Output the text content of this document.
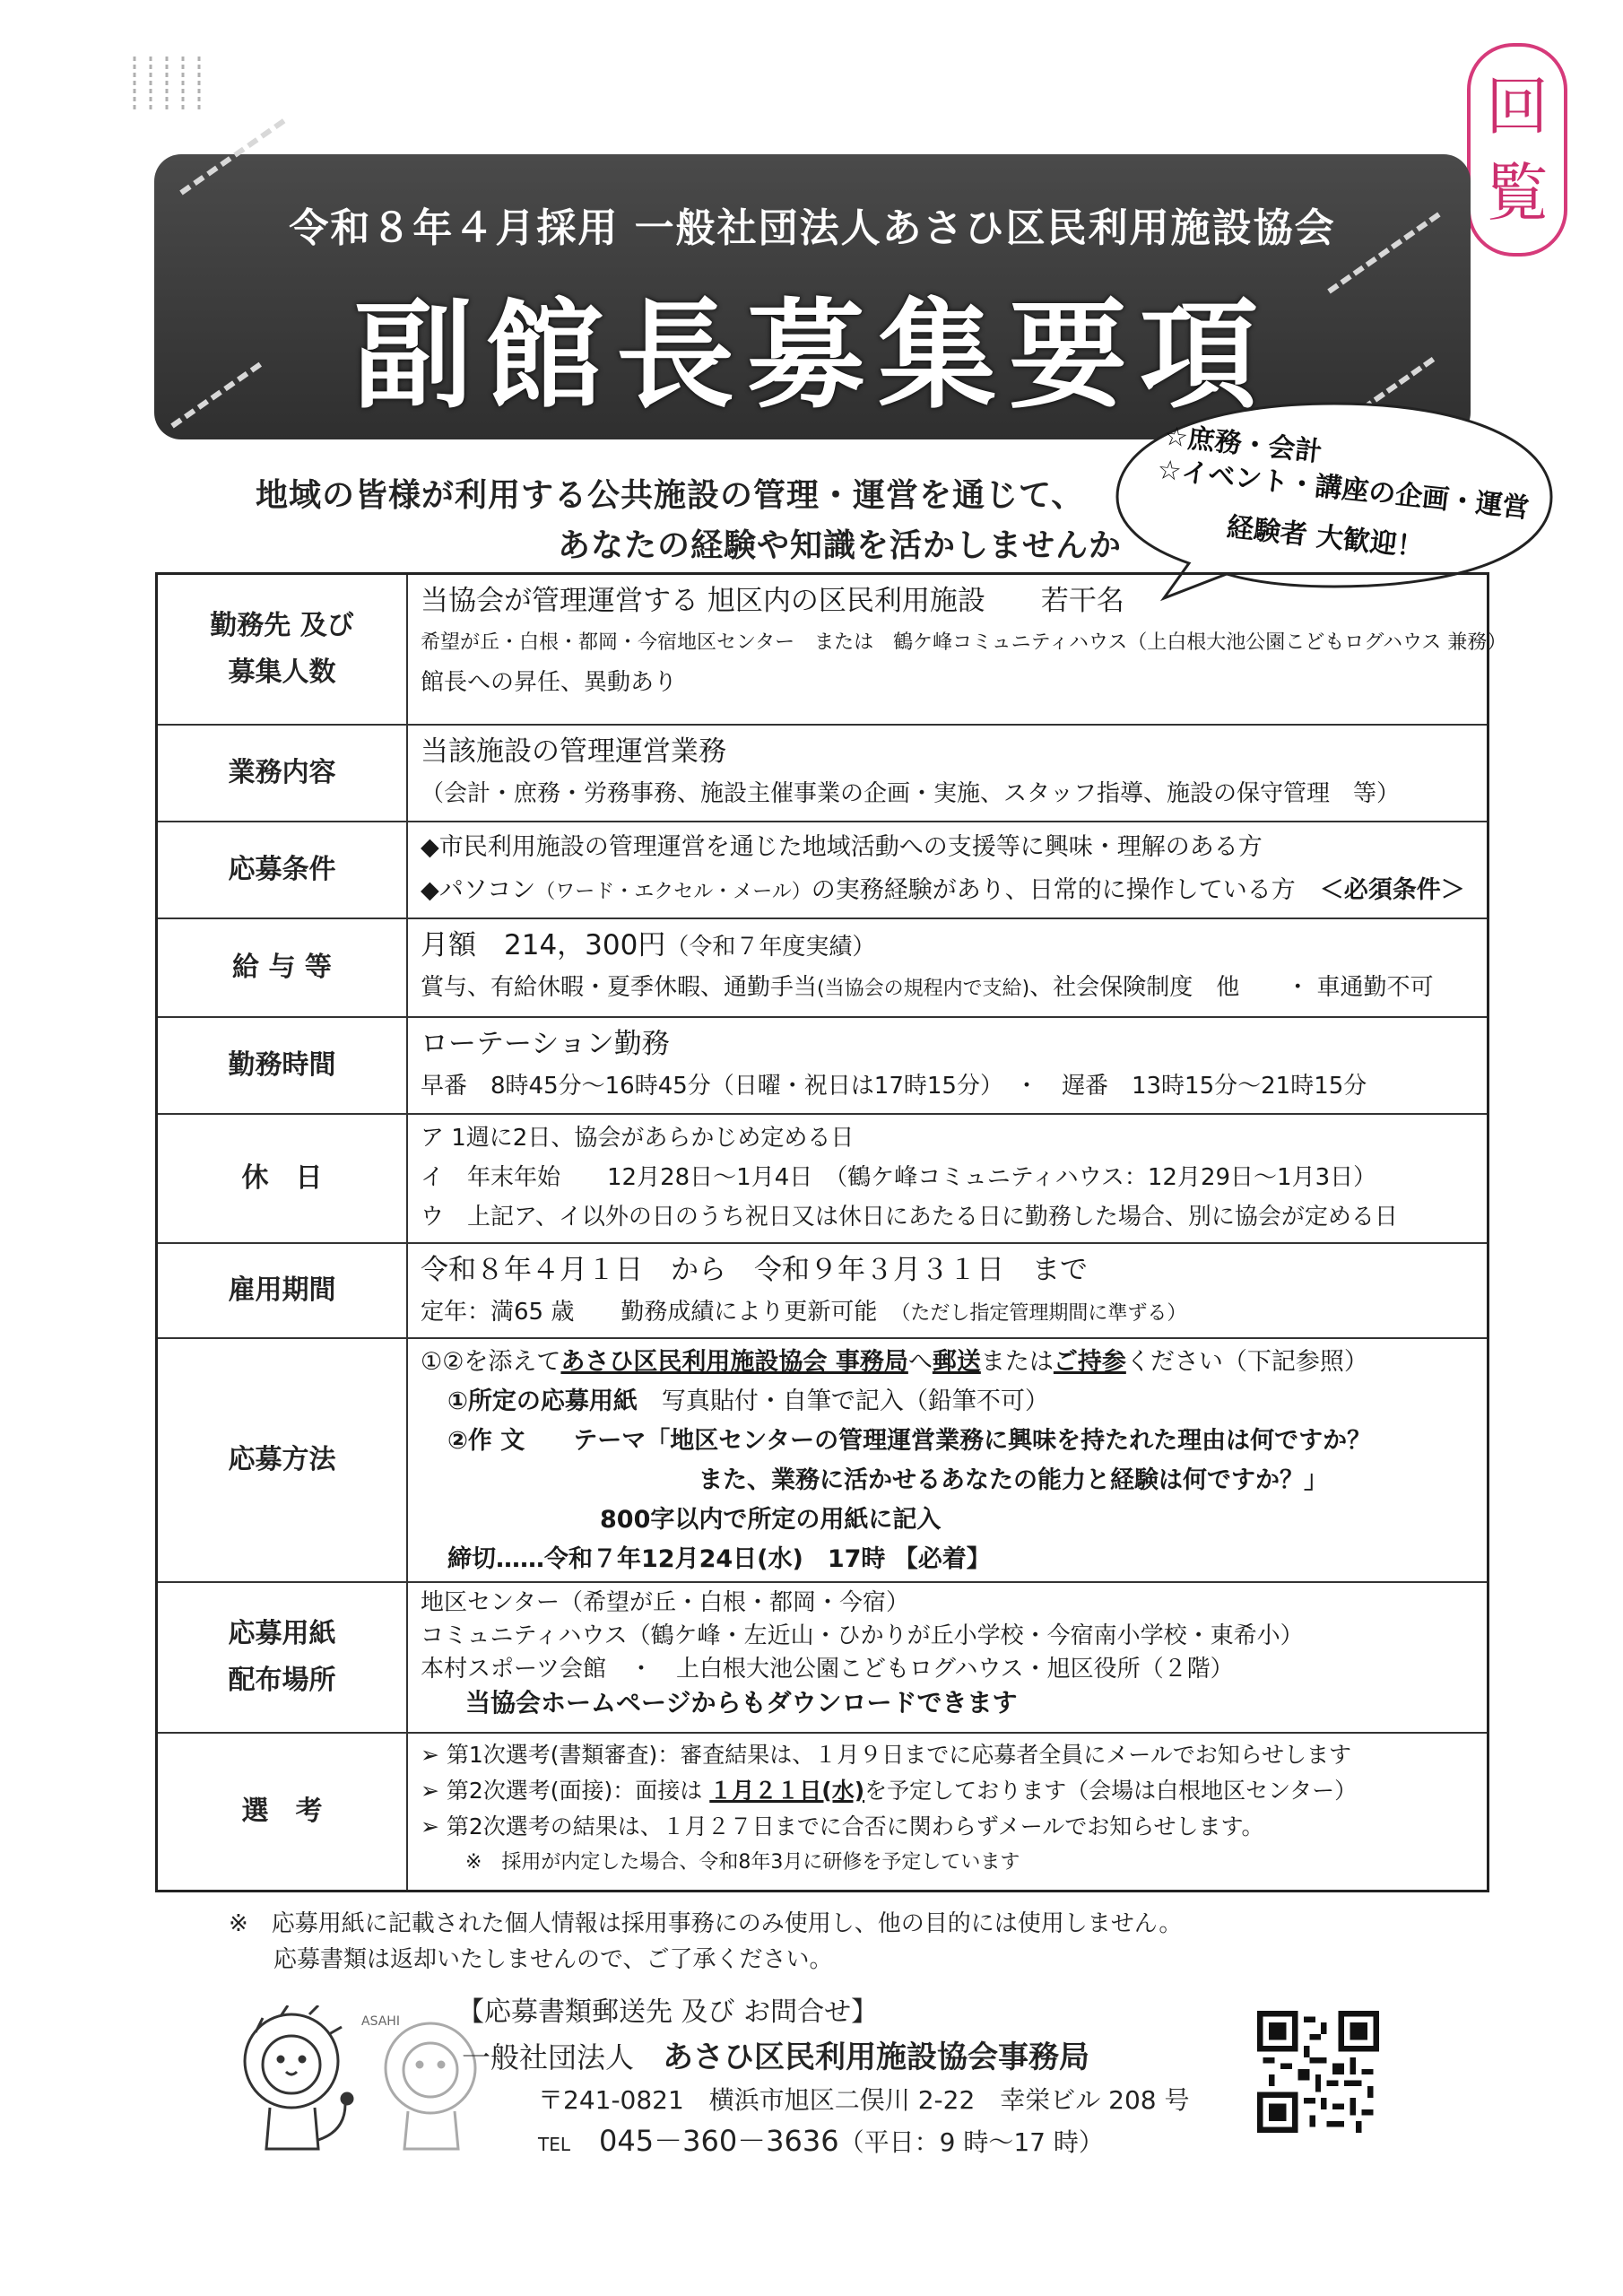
回
覧
令和８年４月採用 一般社団法人あさひ区民利用施設協会
副館長募集要項
地域の皆様が利用する公共施設の管理・運営を通じて、
あなたの経験や知識を活かしませんか
☆庶務・会計
☆イベント・講座の企画・運営
経験者 大歓迎！
勤務先 及び
募集人数
当協会が管理運営する 旭区内の区民利用施設　　若干名
希望が丘・白根・都岡・今宿地区センター　または　鶴ケ峰コミュニティハウス（上白根大池公園こどもログハウス 兼務）
館長への昇任、異動あり
業務内容
当該施設の管理運営業務
（会計・庶務・労務事務、施設主催事業の企画・実施、スタッフ指導、施設の保守管理　等）
応募条件
◆市民利用施設の管理運営を通じた地域活動への支援等に興味・理解のある方
◆パソコン（ワード・エクセル・メール）の実務経験があり、日常的に操作している方　＜必須条件＞
給 与 等
月額　214，300円（令和７年度実績）
賞与、有給休暇・夏季休暇、通勤手当(当協会の規程内で支給)、社会保険制度　他　　・ 車通勤不可
勤務時間
ローテーション勤務
早番　8時45分～16時45分（日曜・祝日は17時15分）　・　遅番　13時15分～21時15分
休　日
ア 1週に2日、協会があらかじめ定める日
イ　年末年始　　12月28日～1月4日　（鶴ケ峰コミュニティハウス：12月29日～1月3日）
ウ　上記ア、イ以外の日のうち祝日又は休日にあたる日に勤務した場合、別に協会が定める日
雇用期間
令和８年４月１日　から　令和９年３月３１日　まで
定年：満65 歳　　勤務成績により更新可能　（ただし指定管理期間に準ずる）
応募方法
①②を添えてあさひ区民利用施設協会 事務局へ郵送またはご持参ください（下記参照）
①所定の応募用紙　写真貼付・自筆で記入（鉛筆不可）
②作 文　　テーマ「地区センターの管理運営業務に興味を持たれた理由は何ですか？
また、業務に活かせるあなたの能力と経験は何ですか？」
800字以内で所定の用紙に記入
締切……令和７年12月24日(水)　17時 【必着】
応募用紙
配布場所
地区センター（希望が丘・白根・都岡・今宿）
コミュニティハウス（鶴ケ峰・左近山・ひかりが丘小学校・今宿南小学校・東希小）
本村スポーツ会館　・　上白根大池公園こどもログハウス・旭区役所（２階）
当協会ホームページからもダウンロードできます
選　考
➢ 第1次選考(書類審査)：審査結果は、１月９日までに応募者全員にメールでお知らせします
➢ 第2次選考(面接)：面接は １月２１日(水)を予定しております（会場は白根地区センター）
➢ 第2次選考の結果は、１月２７日までに合否に関わらずメールでお知らせします。
※　採用が内定した場合、令和8年3月に研修を予定しています
※　応募用紙に記載された個人情報は採用事務にのみ使用し、他の目的には使用しません。
応募書類は返却いたしませんので、ご了承ください。
ASAHI 【応募書類郵送先 及び お問合せ】
一般社団法人　 あさひ区民利用施設協会事務局
〒241-0821　横浜市旭区二俣川 2-22　幸栄ビル 208 号
TEL　 045－360－3636（平日：9 時～17 時）
